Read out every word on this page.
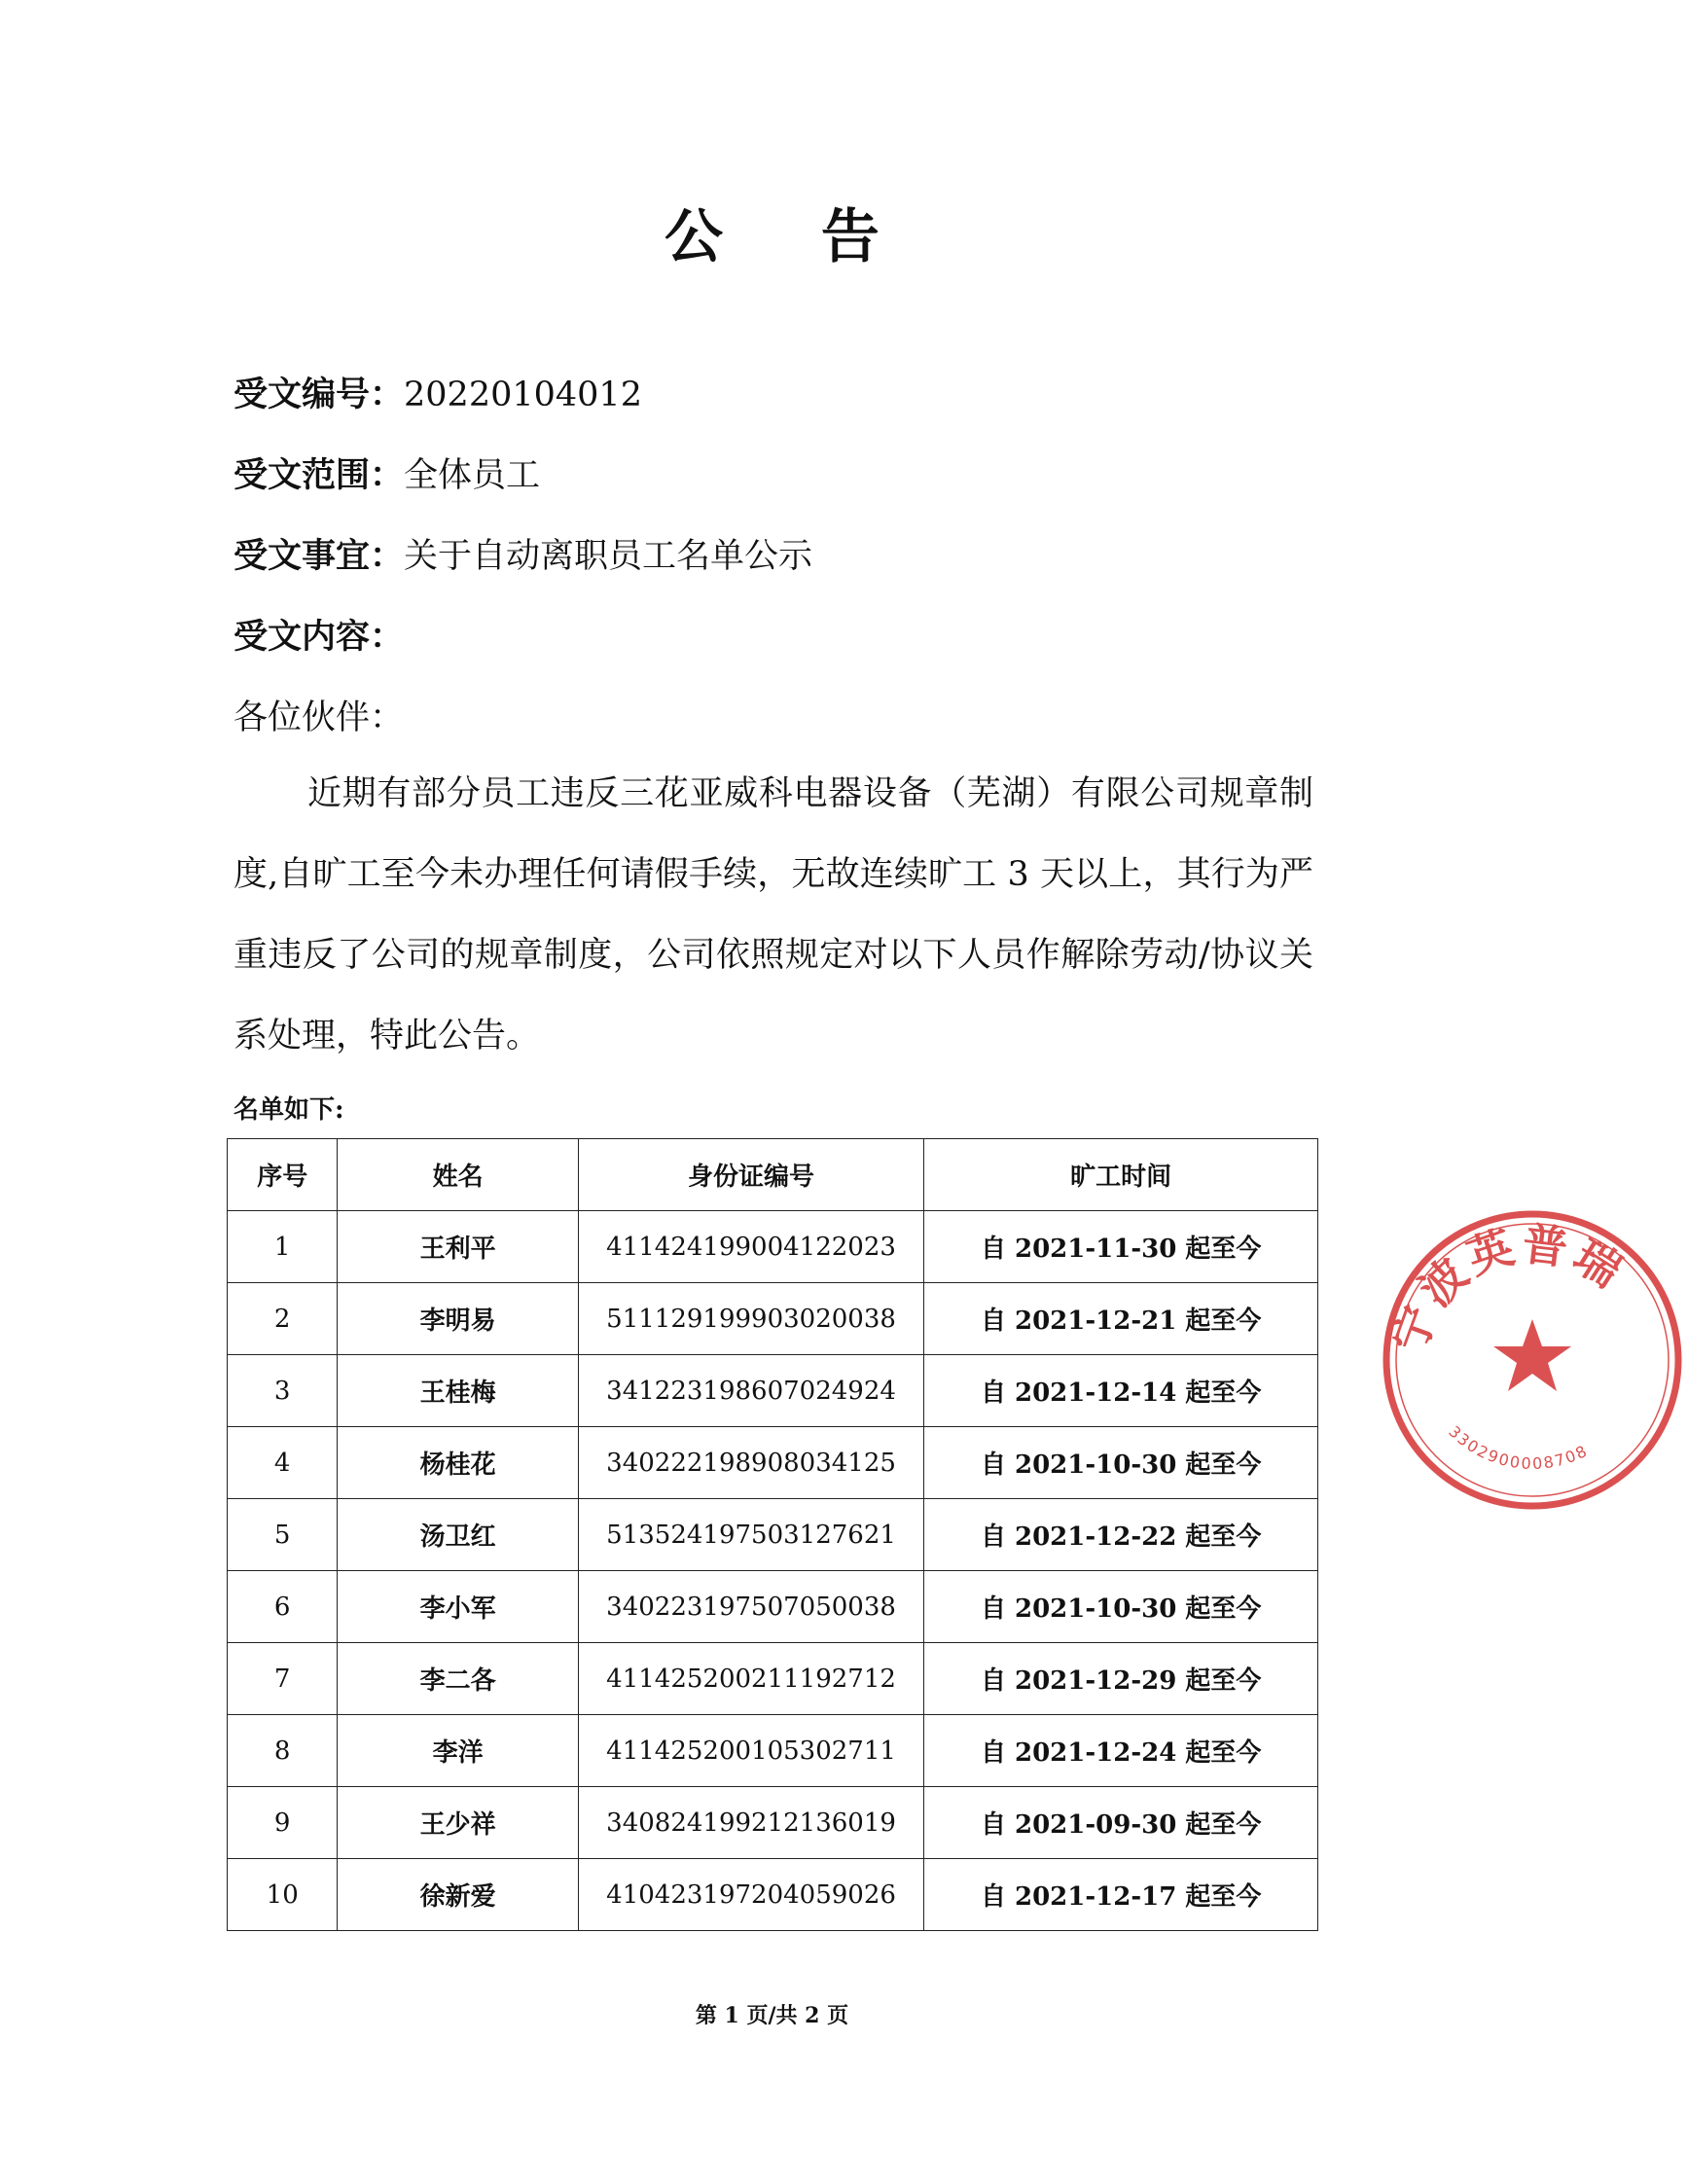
公 告
受文编号：20220104012
受文范围：全体员工
受文事宜：关于自动离职员工名单公示
受文内容：
各位伙伴：
近期有部分员工违反三花亚威科电器设备（芜湖）有限公司规章制度,自旷工至今未办理任何请假手续，无故连续旷工 3 天以上，其行为严重违反了公司的规章制度，公司依照规定对以下人员作解除劳动/协议关系处理，特此公告。
名单如下:
序号	姓名	身份证编号	旷工时间
1	王利平	411424199004122023	自 2021-11-30 起至今
2	李明易	511129199903020038	自 2021-12-21 起至今
3	王桂梅	341223198607024924	自 2021-12-14 起至今
4	杨桂花	340222198908034125	自 2021-10-30 起至今
5	汤卫红	513524197503127621	自 2021-12-22 起至今
6	李小军	340223197507050038	自 2021-10-30 起至今
7	李二各	411425200211192712	自 2021-12-29 起至今
8	李洋	411425200105302711	自 2021-12-24 起至今
9	王少祥	340824199212136019	自 2021-09-30 起至今
10	徐新爱	410423197204059026	自 2021-12-17 起至今
第 1 页/共 2 页
宁波英普瑞
3302900008708
